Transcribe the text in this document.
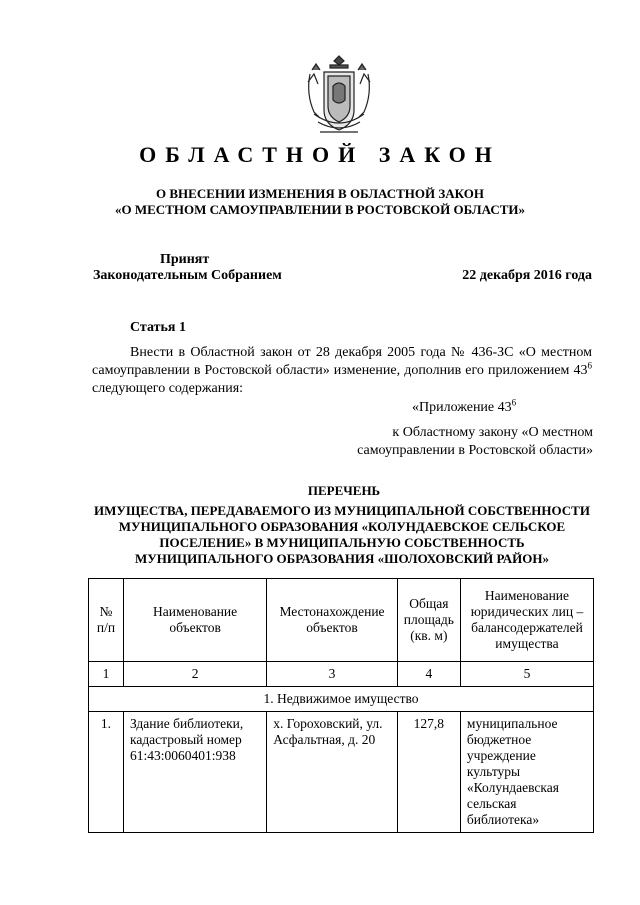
ОБЛАСТНОЙ ЗАКОН
О ВНЕСЕНИИ ИЗМЕНЕНИЯ В ОБЛАСТНОЙ ЗАКОН
«О МЕСТНОМ САМОУПРАВЛЕНИИ В РОСТОВСКОЙ ОБЛАСТИ»
Принят
Законодательным Собранием	22 декабря 2016 года
Статья 1
Внести в Областной закон от 28 декабря 2005 года № 436-ЗС «О местном самоуправлении в Ростовской области» изменение, дополнив его приложением $43^6$ следующего содержания:
«Приложение $43^6$
к Областному закону «О местном самоуправлении в Ростовской области»
ПЕРЕЧЕНЬ
ИМУЩЕСТВА, ПЕРЕДАВАЕМОГО ИЗ МУНИЦИПАЛЬНОЙ СОБСТВЕННОСТИ МУНИЦИПАЛЬНОГО ОБРАЗОВАНИЯ «КОЛУНДАЕВСКОЕ СЕЛЬСКОЕ ПОСЕЛЕНИЕ» В МУНИЦИПАЛЬНУЮ СОБСТВЕННОСТЬ МУНИЦИПАЛЬНОГО ОБРАЗОВАНИЯ «ШОЛОХОВСКИЙ РАЙОН»
№ п/п	Наименование объектов	Местонахождение объектов	Общая площадь (кв. м)	Наименование юридических лиц – балансодержателей имущества
1	2	3	4	5
1. Недвижимое имущество				
1.	Здание библиотеки, кадастровый номер 61:43:0060401:938	х. Гороховский, ул. Асфальтная, д. 20	127,8	муниципальное бюджетное учреждение культуры «Колундаевская сельская библиотека»
